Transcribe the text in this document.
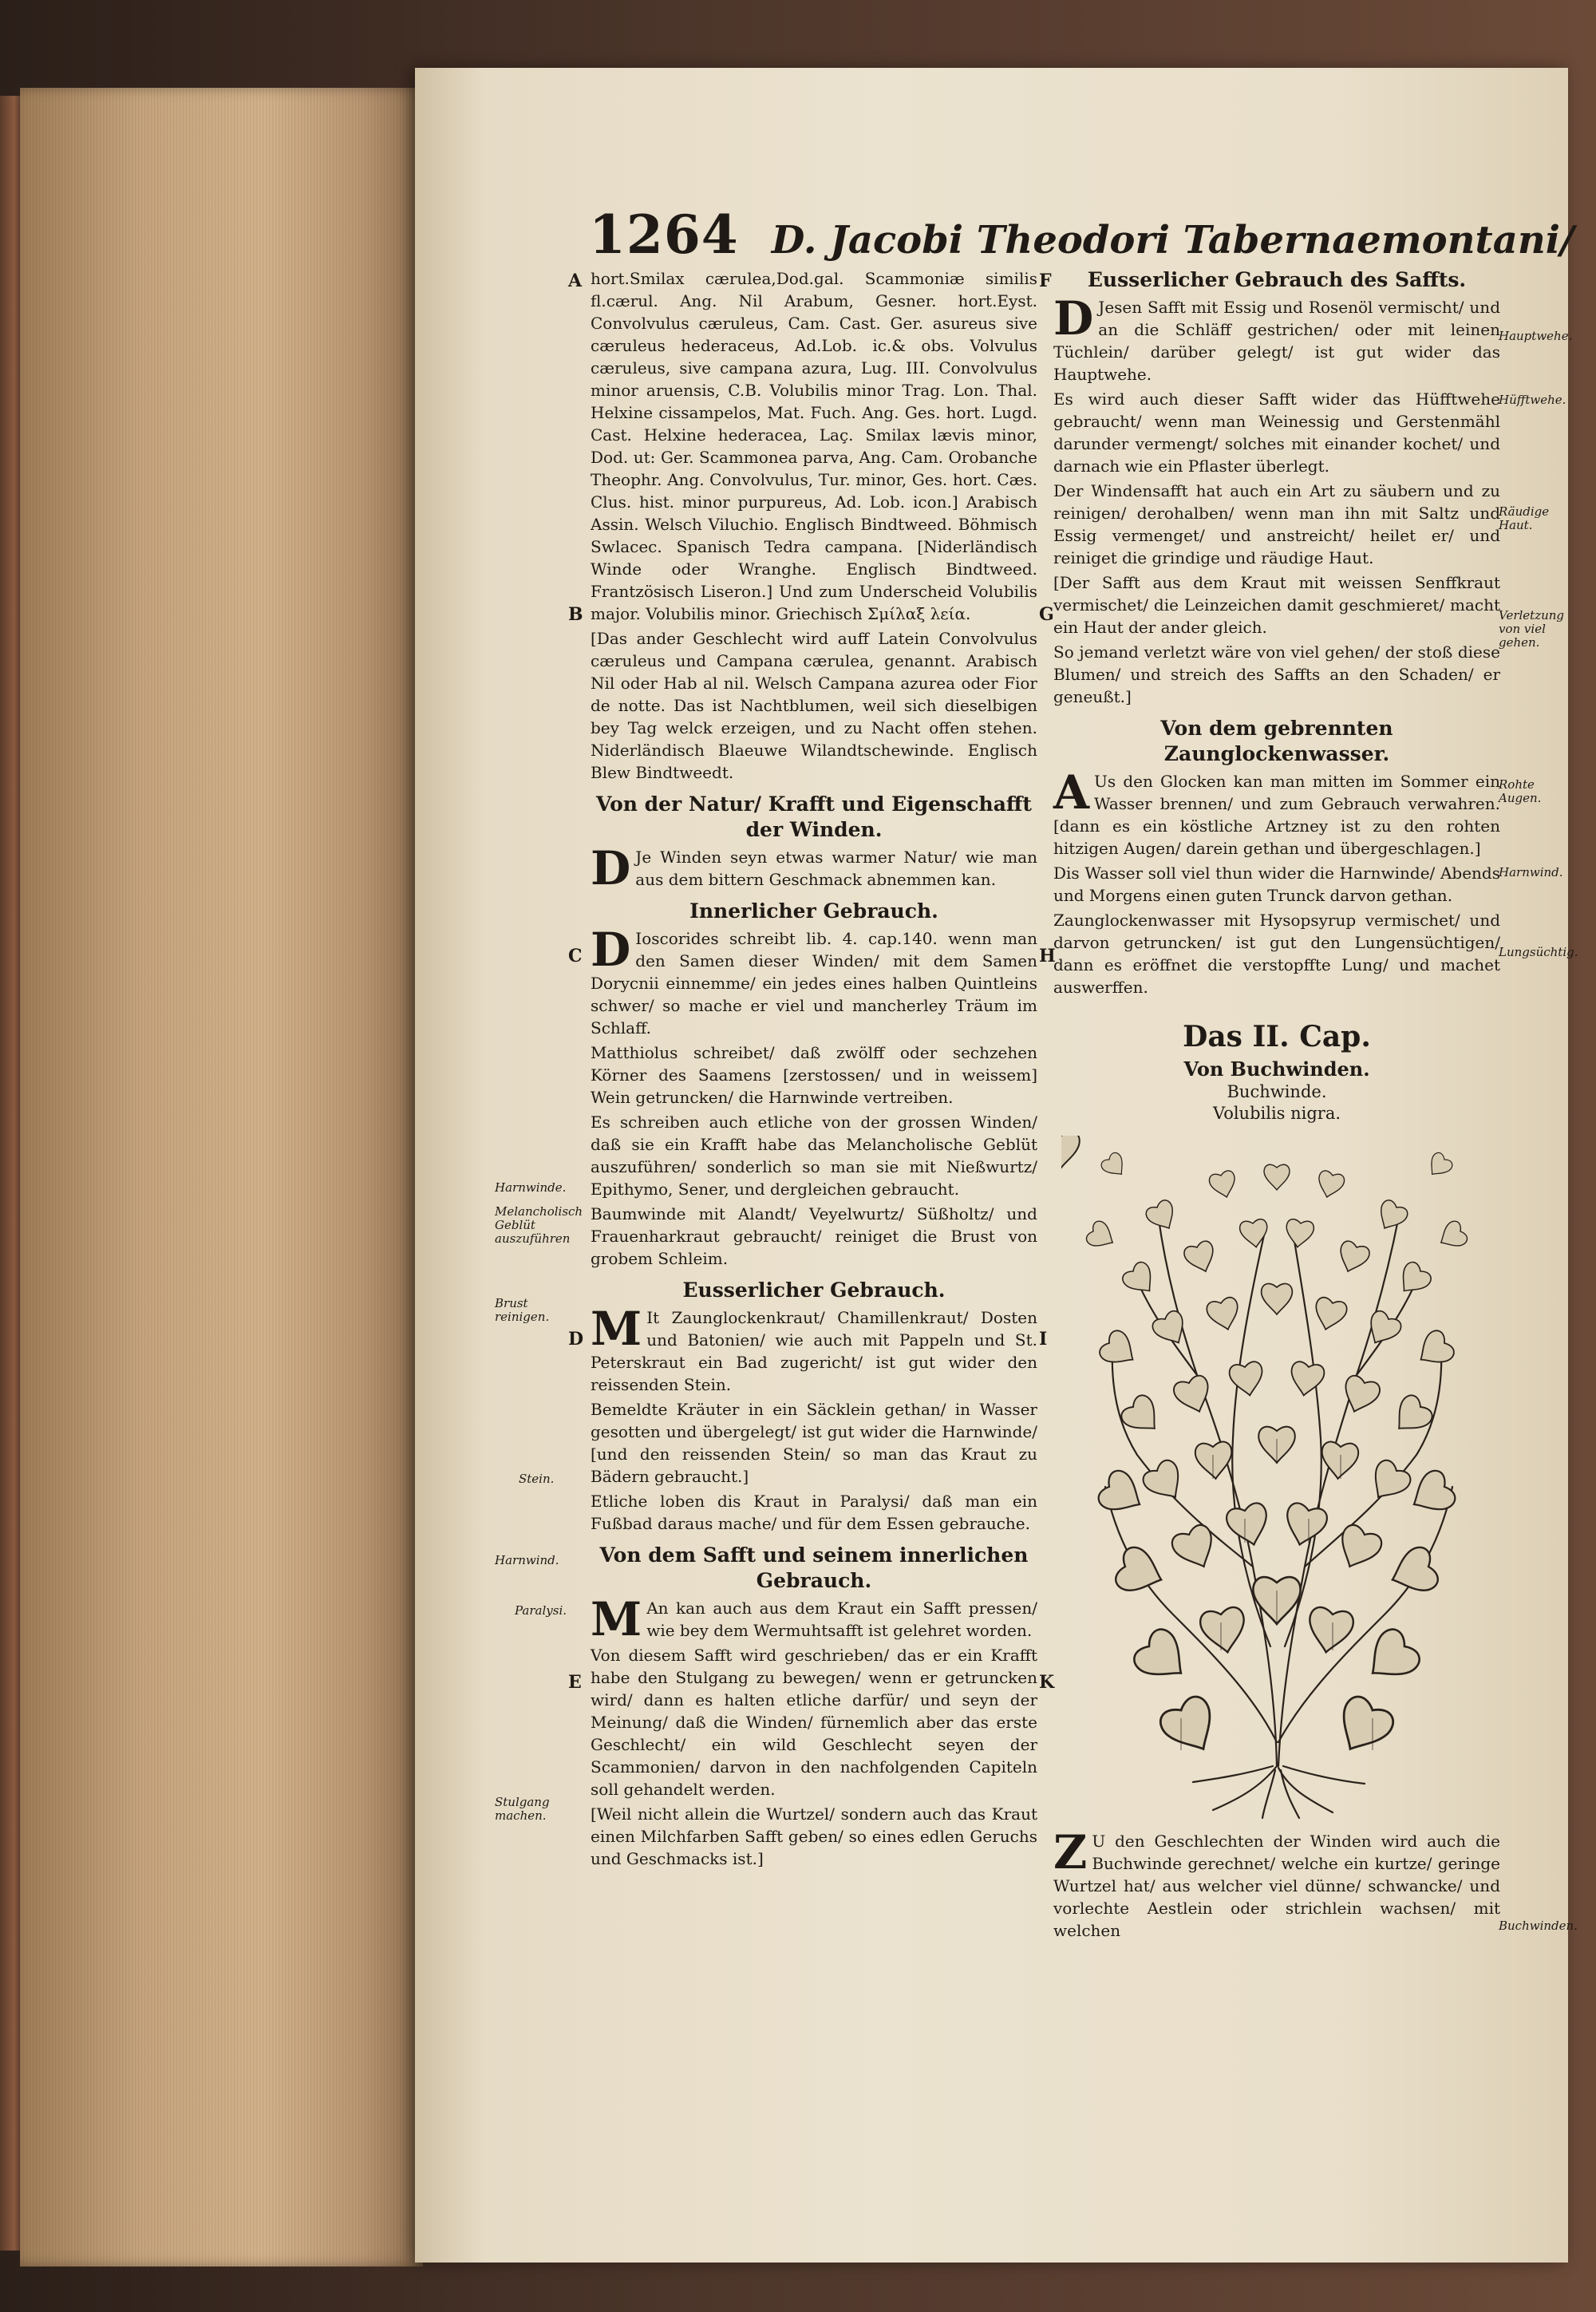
1264 D. Jacobi Theodori Tabernaemontani/
A
B
C
D
E
F
G
H
I
K
Harnwinde.
Melancholisch Geblüt auszuführen
Brust reinigen.
Stein.
Harnwind.
Paralysi.
Stulgang machen.
Hauptwehe.
Hüfftwehe.
Räudige Haut.
Verletzung von viel gehen.
Rohte Augen.
Harnwind.
Lungsüchtig.
Buchwinden.

hort.Smilax cærulea,Dod.gal. Scammoniæ similis fl.cærul. Ang. Nil Arabum, Gesner. hort.Eyst. Convolvulus cæruleus, Cam. Cast. Ger. asureus sive cæruleus hederaceus, Ad.Lob. ic.& obs. Volvulus cæruleus, sive campana azura, Lug. III. Convolvulus minor aruensis, C.B. Volubilis minor Trag. Lon. Thal. Helxine cissampelos, Mat. Fuch. Ang. Ges. hort. Lugd. Cast. Helxine hederacea, Laç. Smilax lævis minor, Dod. ut: Ger. Scammonea parva, Ang. Cam. Orobanche Theophr. Ang. Convolvulus, Tur. minor, Ges. hort. Cæs. Clus. hist. minor purpureus, Ad. Lob. icon.] Arabisch Assin. Welsch Viluchio. Englisch Bindtweed. Böhmisch Swlacec. Spanisch Tedra campana. [Niderländisch Winde oder Wranghe. Englisch Bindtweed. Frantzösisch Liseron.] Und zum Underscheid Volubilis major. Volubilis minor. Griechisch Σμίλαξ λεία.

[Das ander Geschlecht wird auff Latein Convolvulus cæruleus und Campana cærulea, genannt. Arabisch Nil oder Hab al nil. Welsch Campana azurea oder Fior de notte. Das ist Nachtblumen, weil sich dieselbigen bey Tag welck erzeigen, und zu Nacht offen stehen. Niderländisch Blaeuwe Wilandtschewinde. Englisch Blew Bindtweedt.

Von der Natur/ Krafft und Eigenschafft der Winden.

D Je Winden seyn etwas warmer Natur/ wie man aus dem bittern Geschmack abnemmen kan.

Innerlicher Gebrauch.

D Ioscorides schreibt lib. 4. cap.140. wenn man den Samen dieser Winden/ mit dem Samen Dorycnii einnemme/ ein jedes eines halben Quintleins schwer/ so mache er viel und mancherley Träum im Schlaff.

Matthiolus schreibet/ daß zwölff oder sechzehen Körner des Saamens [zerstossen/ und in weissem] Wein getruncken/ die Harnwinde vertreiben.

Es schreiben auch etliche von der grossen Winden/ daß sie ein Krafft habe das Melancholische Geblüt auszuführen/ sonderlich so man sie mit Nießwurtz/ Epithymo, Sener, und dergleichen gebraucht.

Baumwinde mit Alandt/ Veyelwurtz/ Süßholtz/ und Frauenharkraut gebraucht/ reiniget die Brust von grobem Schleim.

Eusserlicher Gebrauch.

M It Zaunglockenkraut/ Chamillenkraut/ Dosten und Batonien/ wie auch mit Pappeln und St. Peterskraut ein Bad zugericht/ ist gut wider den reissenden Stein.

Bemeldte Kräuter in ein Säcklein gethan/ in Wasser gesotten und übergelegt/ ist gut wider die Harnwinde/ [und den reissenden Stein/ so man das Kraut zu Bädern gebraucht.]

Etliche loben dis Kraut in Paralysi/ daß man ein Fußbad daraus mache/ und für dem Essen gebrauche.

Von dem Safft und seinem innerlichen Gebrauch.

M An kan auch aus dem Kraut ein Safft pressen/ wie bey dem Wermuhtsafft ist gelehret worden.

Von diesem Safft wird geschrieben/ das er ein Krafft habe den Stulgang zu bewegen/ wenn er getruncken wird/ dann es halten etliche darfür/ und seyn der Meinung/ daß die Winden/ fürnemlich aber das erste Geschlecht/ ein wild Geschlecht seyen der Scammonien/ darvon in den nachfolgenden Capiteln soll gehandelt werden.

[Weil nicht allein die Wurtzel/ sondern auch das Kraut einen Milchfarben Safft geben/ so eines edlen Geruchs und Geschmacks ist.]

Eusserlicher Gebrauch des Saffts.

D Jesen Safft mit Essig und Rosenöl vermischt/ und an die Schläff gestrichen/ oder mit leinen Tüchlein/ darüber gelegt/ ist gut wider das Hauptwehe.

Es wird auch dieser Safft wider das Hüfftwehe gebraucht/ wenn man Weinessig und Gerstenmähl darunder vermengt/ solches mit einander kochet/ und darnach wie ein Pflaster überlegt.

Der Windensafft hat auch ein Art zu säubern und zu reinigen/ derohalben/ wenn man ihn mit Saltz und Essig vermenget/ und anstreicht/ heilet er/ und reiniget die grindige und räudige Haut.

[Der Safft aus dem Kraut mit weissen Senffkraut vermischet/ die Leinzeichen damit geschmieret/ macht ein Haut der ander gleich.

So jemand verletzt wäre von viel gehen/ der stoß diese Blumen/ und streich des Saffts an den Schaden/ er geneußt.]

Von dem gebrennten Zaunglockenwasser.

A Us den Glocken kan man mitten im Sommer ein Wasser brennen/ und zum Gebrauch verwahren. [dann es ein köstliche Artzney ist zu den rohten hitzigen Augen/ darein gethan und übergeschlagen.]

Dis Wasser soll viel thun wider die Harnwinde/ Abends und Morgens einen guten Trunck darvon gethan.

Zaunglockenwasser mit Hysopsyrup vermischet/ und darvon getruncken/ ist gut den Lungensüchtigen/ dann es eröffnet die verstopffte Lung/ und machet auswerffen.

Das II. Cap.
Von Buchwinden.
Buchwinde.
Volubilis nigra.

Z U den Geschlechten der Winden wird auch die Buchwinde gerechnet/ welche ein kurtze/ geringe Wurtzel hat/ aus welcher viel dünne/ schwancke/ und vorlechte Aestlein oder strichlein wachsen/ mit welchen
